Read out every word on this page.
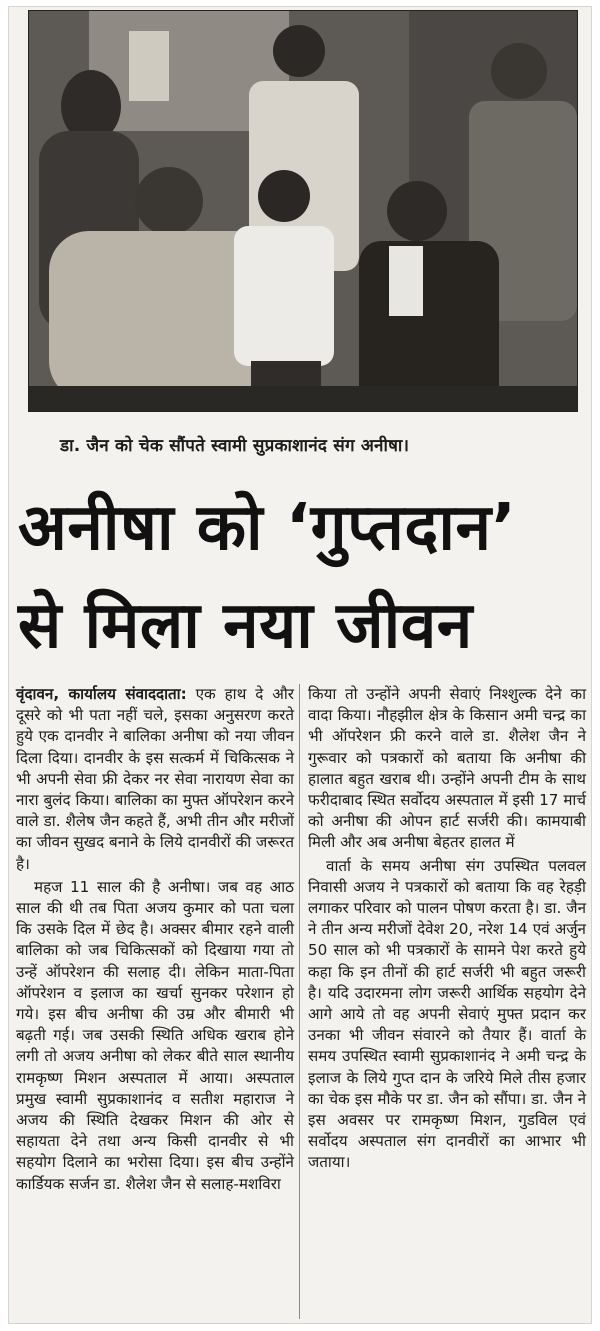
डा. जैन को चेक सौंपते स्वामी सुप्रकाशानंद संग अनीषा।
अनीषा को ‘गुप्तदान’
से मिला नया जीवन

वृंदावन, कार्यालय संवाददाता: एक हाथ दे और दूसरे को भी पता नहीं चले, इसका अनुसरण करते हुये एक दानवीर ने बालिका अनीषा को नया जीवन दिला दिया। दानवीर के इस सत्कर्म में चिकित्सक ने भी अपनी सेवा फ्री देकर नर सेवा नारायण सेवा का नारा बुलंद किया। बालिका का मुफ्त ऑपरेशन करने वाले डा. शैलेष जैन कहते हैं, अभी तीन और मरीजों का जीवन सुखद बनाने के लिये दानवीरों की जरूरत है।

महज 11 साल की है अनीषा। जब वह आठ साल की थी तब पिता अजय कुमार को पता चला कि उसके दिल में छेद है। अक्सर बीमार रहने वाली बालिका को जब चिकित्सकों को दिखाया गया तो उन्हें ऑपरेशन की सलाह दी। लेकिन माता-पिता ऑपरेशन व इलाज का खर्चा सुनकर परेशान हो गये। इस बीच अनीषा की उम्र और बीमारी भी बढ़ती गई। जब उसकी स्थिति अधिक खराब होने लगी तो अजय अनीषा को लेकर बीते साल स्थानीय रामकृष्ण मिशन अस्पताल में आया। अस्पताल प्रमुख स्वामी सुप्रकाशानंद व सतीश महाराज ने अजय की स्थिति देखकर मिशन की ओर से सहायता देने तथा अन्य किसी दानवीर से भी सहयोग दिलाने का भरोसा दिया। इस बीच उन्होंने कार्डियक सर्जन डा. शैलेश जैन से सलाह-मशविरा

किया तो उन्होंने अपनी सेवाएं निश्शुल्क देने का वादा किया। नौहझील क्षेत्र के किसान अमी चन्द्र का भी ऑपरेशन फ्री करने वाले डा. शैलेश जैन ने गुरूवार को पत्रकारों को बताया कि अनीषा की हालात बहुत खराब थी। उन्होंने अपनी टीम के साथ फरीदाबाद स्थित सर्वोदय अस्पताल में इसी 17 मार्च को अनीषा की ओपन हार्ट सर्जरी की। कामयाबी मिली और अब अनीषा बेहतर हालत में

वार्ता के समय अनीषा संग उपस्थित पलवल निवासी अजय ने पत्रकारों को बताया कि वह रेहड़ी लगाकर परिवार को पालन पोषण करता है। डा. जैन ने तीन अन्य मरीजों देवेश 20, नरेश 14 एवं अर्जुन 50 साल को भी पत्रकारों के सामने पेश करते हुये कहा कि इन तीनों की हार्ट सर्जरी भी बहुत जरूरी है। यदि उदारमना लोग जरूरी आर्थिक सहयोग देने आगे आये तो वह अपनी सेवाएं मुफ्त प्रदान कर उनका भी जीवन संवारने को तैयार हैं। वार्ता के समय उपस्थित स्वामी सुप्रकाशानंद ने अमी चन्द्र के इलाज के लिये गुप्त दान के जरिये मिले तीस हजार का चेक इस मौके पर डा. जैन को सौंपा। डा. जैन ने इस अवसर पर रामकृष्ण मिशन, गुडविल एवं सर्वोदय अस्पताल संग दानवीरों का आभार भी जताया।
